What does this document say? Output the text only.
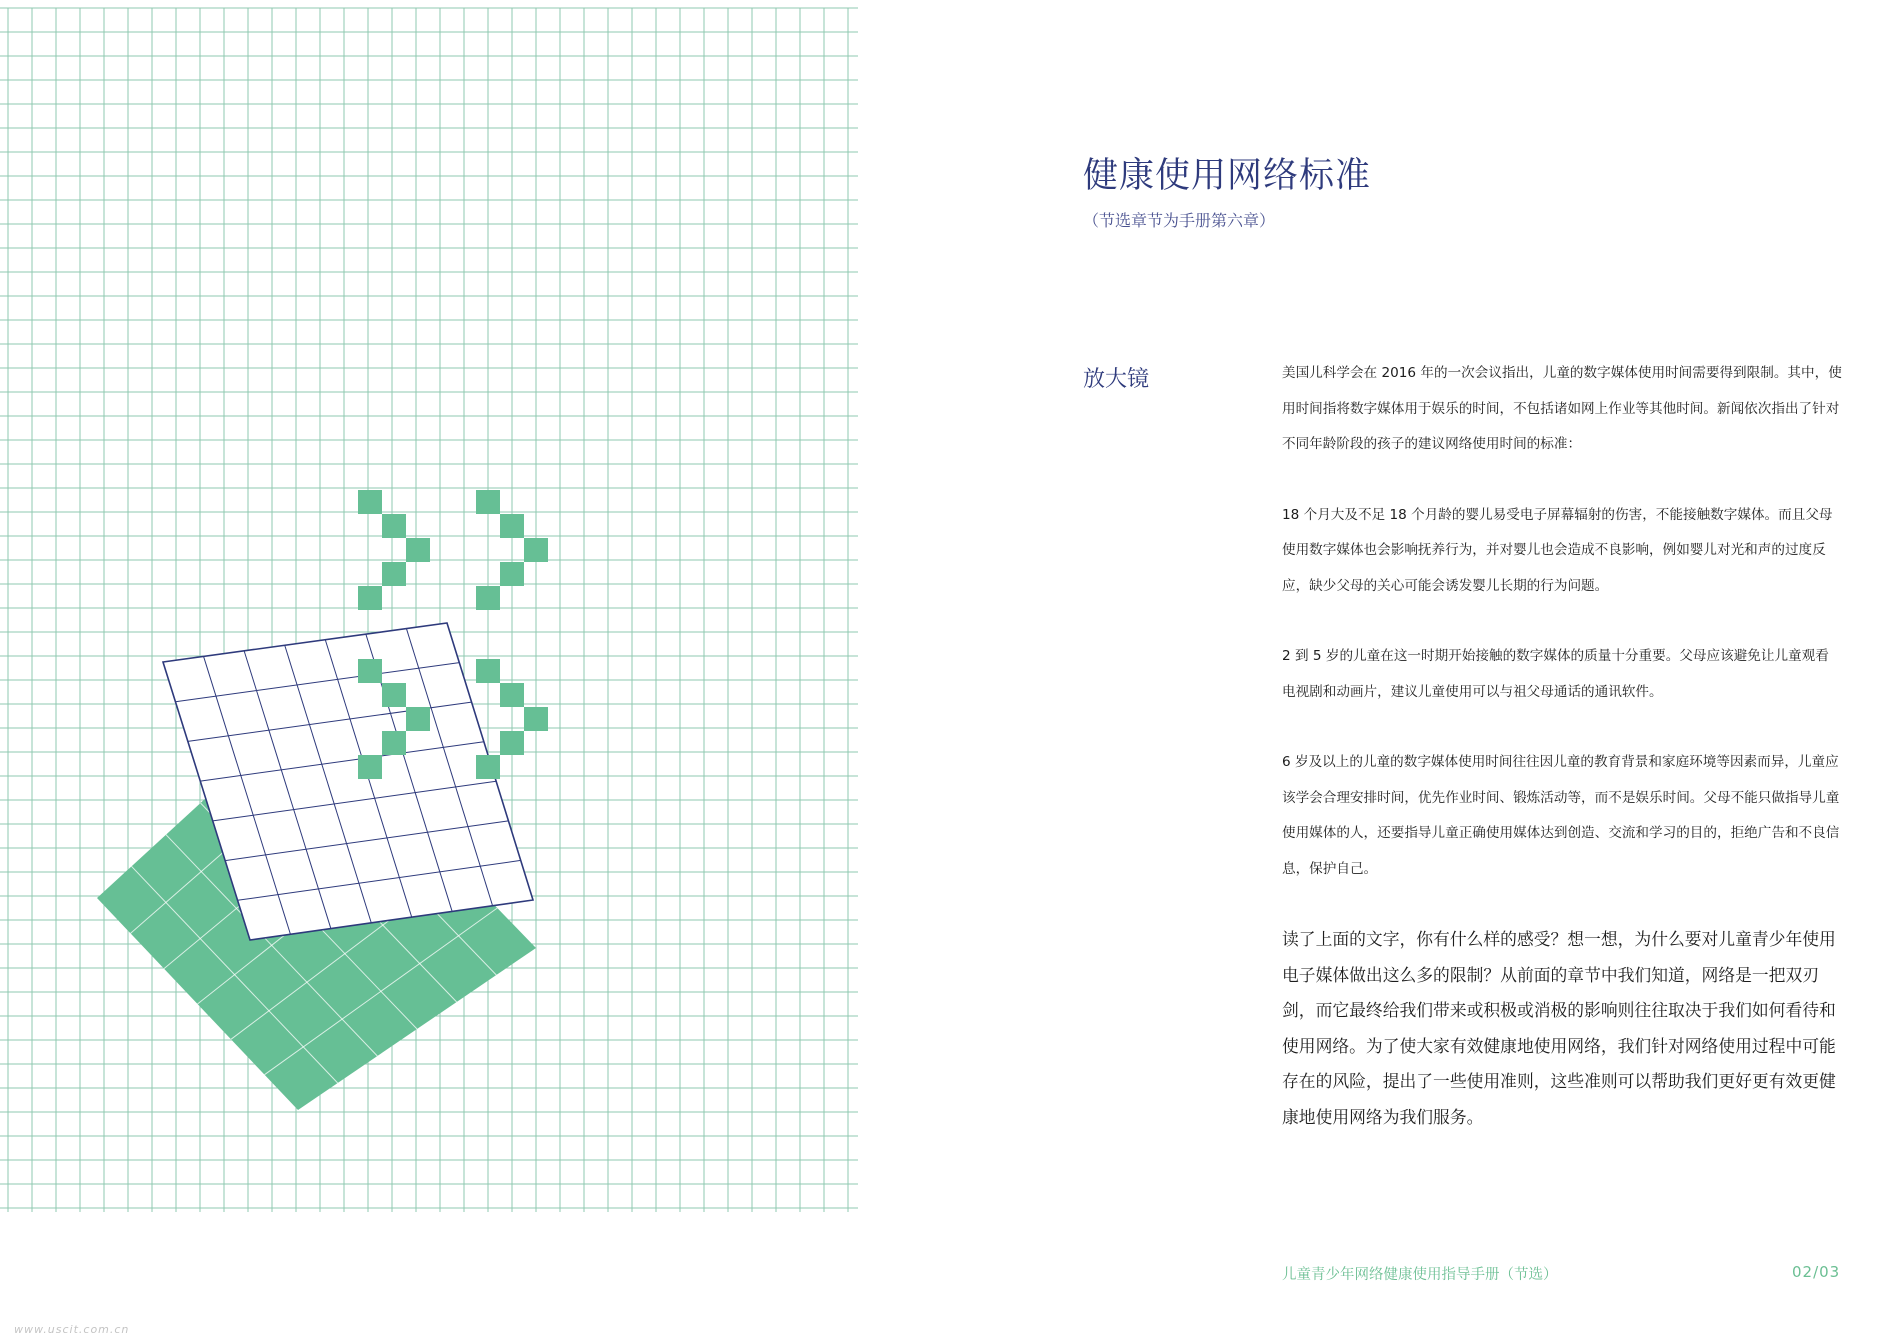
健康使用网络标准
（节选章节为手册第六章）
放大镜	美国儿科学会在 2016 年的一次会议指出，儿童的数字媒体使用时间需要得到限制。其中，使用时间指将数字媒体用于娱乐的时间，不包括诸如网上作业等其他时间。新闻依次指出了针对不同年龄阶段的孩子的建议网络使用时间的标准：

18 个月大及不足 18 个月龄的婴儿易受电子屏幕辐射的伤害，不能接触数字媒体。而且父母使用数字媒体也会影响抚养行为，并对婴儿也会造成不良影响，例如婴儿对光和声的过度反应，缺少父母的关心可能会诱发婴儿长期的行为问题。

2 到 5 岁的儿童在这一时期开始接触的数字媒体的质量十分重要。父母应该避免让儿童观看电视剧和动画片，建议儿童使用可以与祖父母通话的通讯软件。

6 岁及以上的儿童的数字媒体使用时间往往因儿童的教育背景和家庭环境等因素而异，儿童应该学会合理安排时间，优先作业时间、锻炼活动等，而不是娱乐时间。父母不能只做指导儿童使用媒体的人，还要指导儿童正确使用媒体达到创造、交流和学习的目的，拒绝广告和不良信息，保护自己。

读了上面的文字，你有什么样的感受？想一想，为什么要对儿童青少年使用电子媒体做出这么多的限制？从前面的章节中我们知道，网络是一把双刃剑，而它最终给我们带来或积极或消极的影响则往往取决于我们如何看待和使用网络。为了使大家有效健康地使用网络，我们针对网络使用过程中可能存在的风险，提出了一些使用准则，这些准则可以帮助我们更好更有效更健康地使用网络为我们服务。

儿童青少年网络健康使用指导手册（节选）	02/03
www.uscit.com.cn
